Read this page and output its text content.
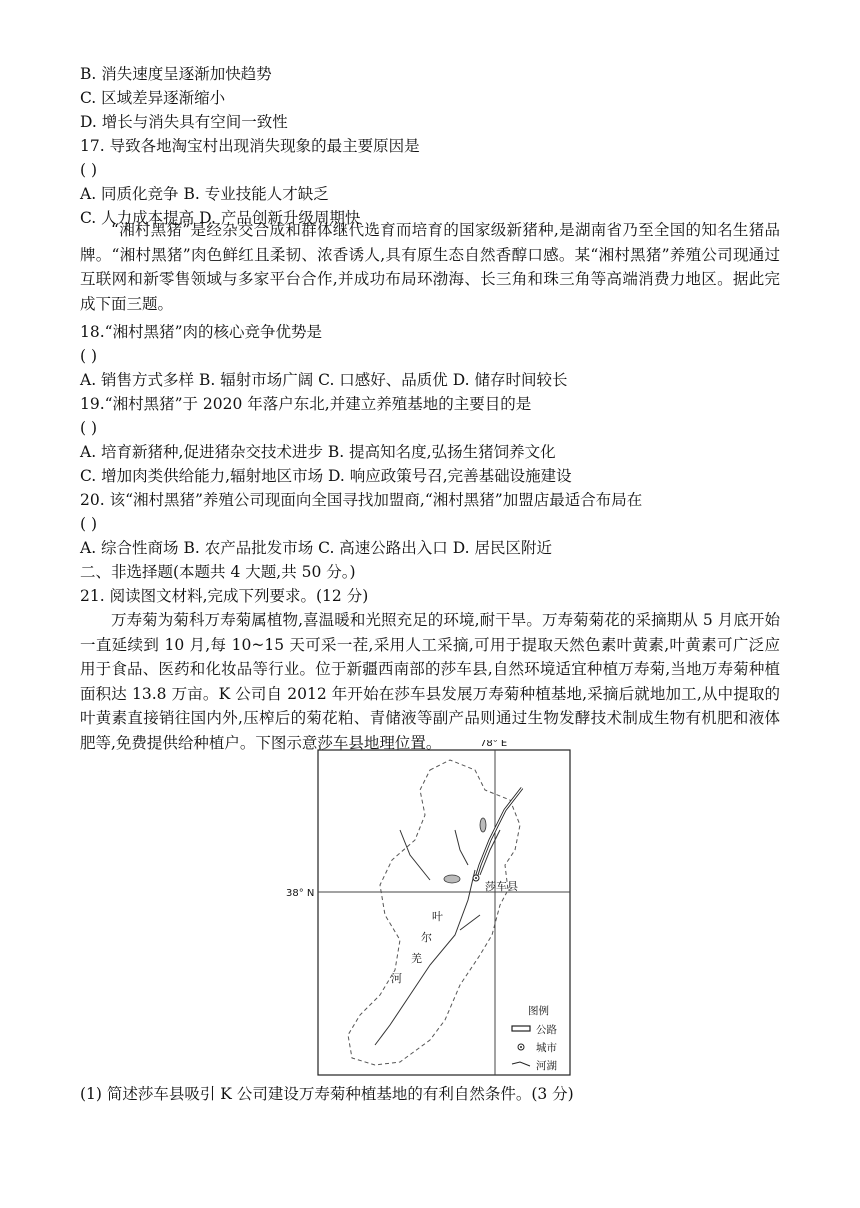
B. 消失速度呈逐渐加快趋势
C. 区域差异逐渐缩小
D. 增长与消失具有空间一致性
17. 导致各地淘宝村出现消失现象的最主要原因是
( )
A. 同质化竞争 B. 专业技能人才缺乏
C. 人力成本提高 D. 产品创新升级周期快
“湘村黑猪”是经杂交合成和群体继代选育而培育的国家级新猪种,是湖南省乃至全国的知名生猪品牌。“湘村黑猪”肉色鲜红且柔韧、浓香诱人,具有原生态自然香醇口感。某“湘村黑猪”养殖公司现通过互联网和新零售领域与多家平台合作,并成功布局环渤海、长三角和珠三角等高端消费力地区。据此完成下面三题。
18.“湘村黑猪”肉的核心竞争优势是
( )
A. 销售方式多样 B. 辐射市场广阔 C. 口感好、品质优 D. 储存时间较长
19.“湘村黑猪”于 2020 年落户东北,并建立养殖基地的主要目的是
( )
A. 培育新猪种,促进猪杂交技术进步 B. 提高知名度,弘扬生猪饲养文化
C. 增加肉类供给能力,辐射地区市场 D. 响应政策号召,完善基础设施建设
20. 该“湘村黑猪”养殖公司现面向全国寻找加盟商,“湘村黑猪”加盟店最适合布局在
( )
A. 综合性商场 B. 农产品批发市场 C. 高速公路出入口 D. 居民区附近
二、非选择题(本题共 4 大题,共 50 分。)
21. 阅读图文材料,完成下列要求。(12 分)
万寿菊为菊科万寿菊属植物,喜温暖和光照充足的环境,耐干旱。万寿菊菊花的采摘期从 5 月底开始一直延续到 10 月,每 10~15 天可采一茬,采用人工采摘,可用于提取天然色素叶黄素,叶黄素可广泛应用于食品、医药和化妆品等行业。位于新疆西南部的莎车县,自然环境适宜种植万寿菊,当地万寿菊种植面积达 13.8 万亩。K 公司自 2012 年开始在莎车县发展万寿菊种植基地,采摘后就地加工,从中提取的叶黄素直接销往国内外,压榨后的菊花粕、青储液等副产品则通过生物发酵技术制成生物有机肥和液体肥等,免费提供给种植户。下图示意莎车县地理位置。	78° E
38° N
莎车县
叶
尔
羌
河
图例
公路
城市
河湖
(1) 简述莎车县吸引 K 公司建设万寿菊种植基地的有利自然条件。(3 分)
